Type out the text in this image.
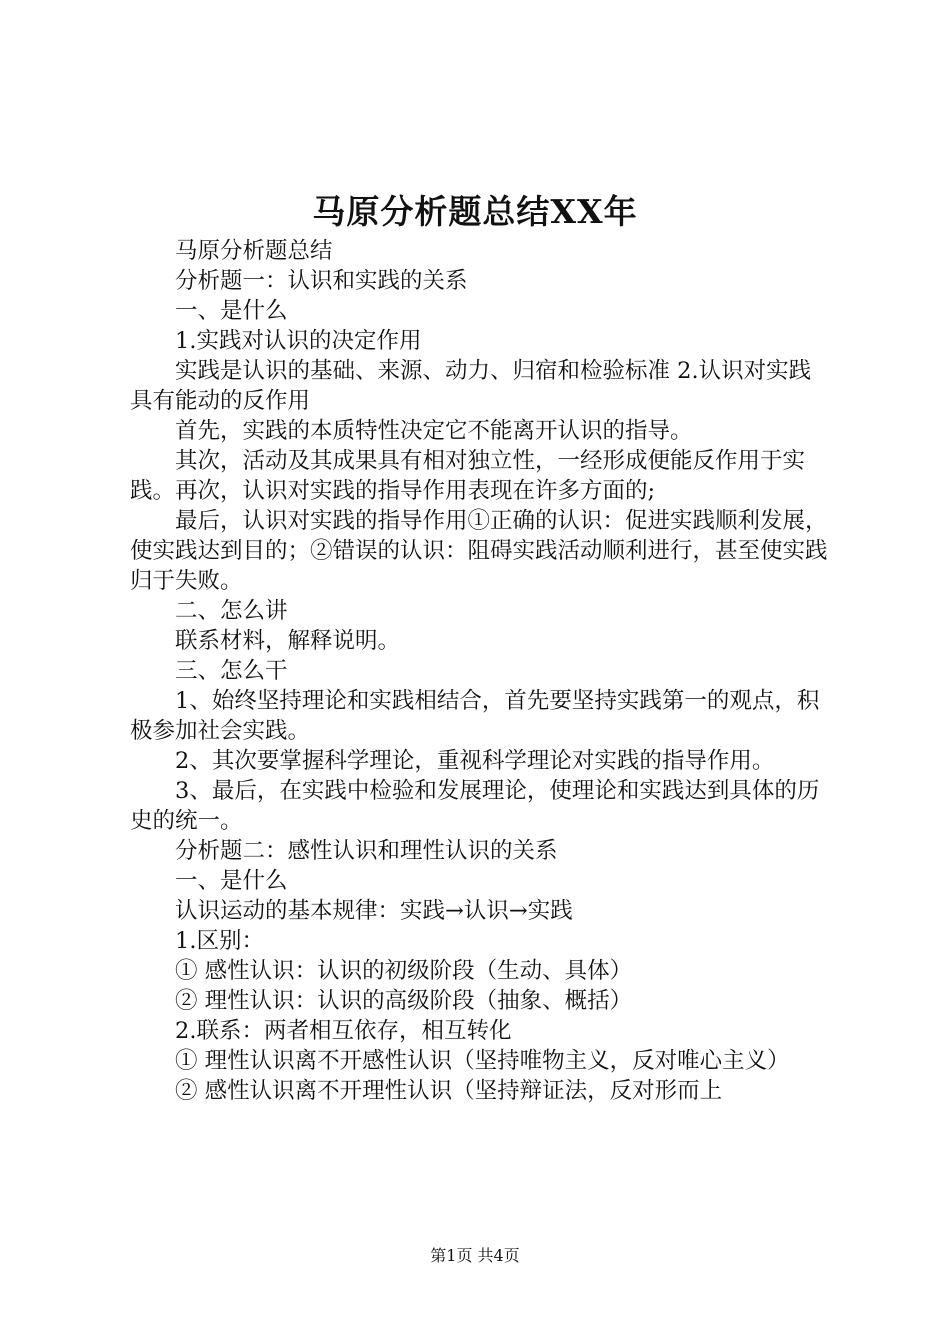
马原分析题总结XX年

马原分析题总结

分析题一：认识和实践的关系

一、是什么

1.实践对认识的决定作用

实践是认识的基础、来源、动力、归宿和检验标准 2.认识对实践具有能动的反作用

首先，实践的本质特性决定它不能离开认识的指导。

其次，活动及其成果具有相对独立性，一经形成便能反作用于实践。再次，认识对实践的指导作用表现在许多方面的;

最后，认识对实践的指导作用①正确的认识：促进实践顺利发展，使实践达到目的；②错误的认识：阻碍实践活动顺利进行，甚至使实践归于失败。

二、怎么讲

联系材料，解释说明。

三、怎么干

1、始终坚持理论和实践相结合，首先要坚持实践第一的观点，积极参加社会实践。

2、其次要掌握科学理论，重视科学理论对实践的指导作用。

3、最后，在实践中检验和发展理论，使理论和实践达到具体的历史的统一。

分析题二：感性认识和理性认识的关系

一、是什么

认识运动的基本规律：实践→认识→实践

1.区别：

① 感性认识：认识的初级阶段（生动、具体）

② 理性认识：认识的高级阶段（抽象、概括）

2.联系：两者相互依存，相互转化

① 理性认识离不开感性认识（坚持唯物主义，反对唯心主义）

② 感性认识离不开理性认识（坚持辩证法，反对形而上

第1页 共4页
